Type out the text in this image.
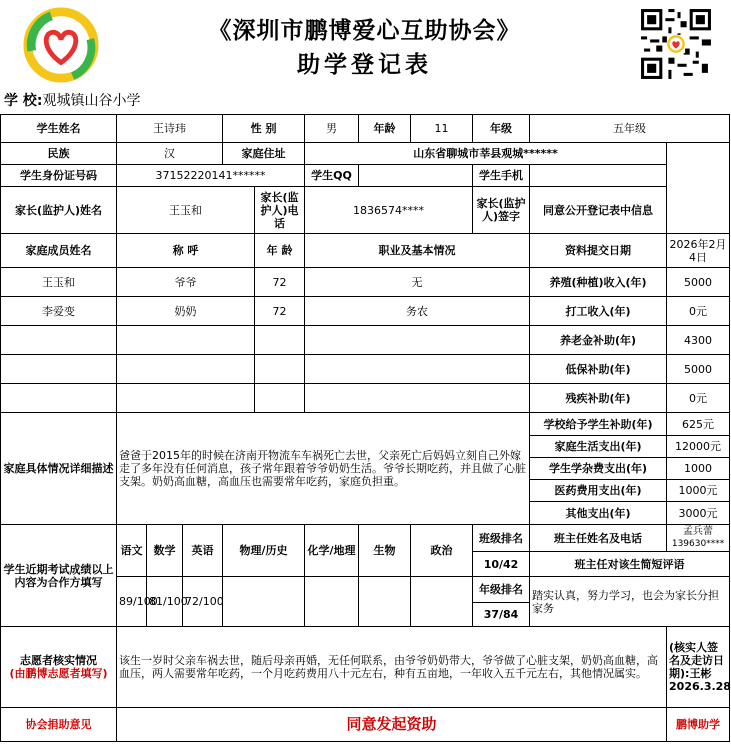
《深圳市鹏博爱心互助协会》
助学登记表
学 校:观城镇山谷小学
学生姓名	王诗玮			性 别		男	年龄	11	年级	五年级	

民族	汉			家庭住址		山东省聊城市莘县观城******						
学生身份证号码	37152220141******					学生QQ			学生手机			
家长(监护人)姓名	王玉和				家长(监护人)电话	1836574****			家长(监护人)签字	同意公开登记表中信息		
家庭成员姓名	称 呼				年 龄	职业及基本情况				资料提交日期	2026年2月4日	
王玉和	爷爷				72	无				养殖(种植)收入(年)	5000	
李爱变	奶奶				72	务农				打工收入(年)	0元	
										养老金补助(年)	4300	
										低保补助(年)	5000	
										残疾补助(年)	0元	
家庭具体情况详细描述	爸爸于2015年的时候在济南开物流车车祸死亡去世，父亲死亡后妈妈立刻自己外嫁走了多年没有任何消息，孩子常年跟着爷爷奶奶生活。爷爷长期吃药，并且做了心脏支架。奶奶高血糖，高血压也需要常年吃药，家庭负担重。									学校给予学生补助(年)	625元	
										家庭生活支出(年)	12000元	
										学生学杂费支出(年)	1000	
										医药费用支出(年)	1000元	
										其他支出(年)	3000元	
学生近期考试成绩以上内容为合作方填写	语文	数学	英语	物理/历史		化学/地理	生物	政治	班级排名	班主任姓名及电话	孟兵蕾
139630****	

									10/42	班主任对该生简短评语		
	89/100	81/100	72/100						年级排名	踏实认真，努力学习，也会为家长分担家务		
									37/84			

志愿者核实情况
(由鹏博志愿者填写)	该生一岁时父亲车祸去世，随后母亲再婚，无任何联系，由爷爷奶奶带大，爷爷做了心脏支架，奶奶高血糖，高血压，两人需要常年吃药，一个月吃药费用八十元左右，种有五亩地，一年收入五千元左右，其他情况属实。										(核实人签名及走访日期):王彬 2026.3.28	
协会捐助意见	同意发起资助										鹏博助学	
